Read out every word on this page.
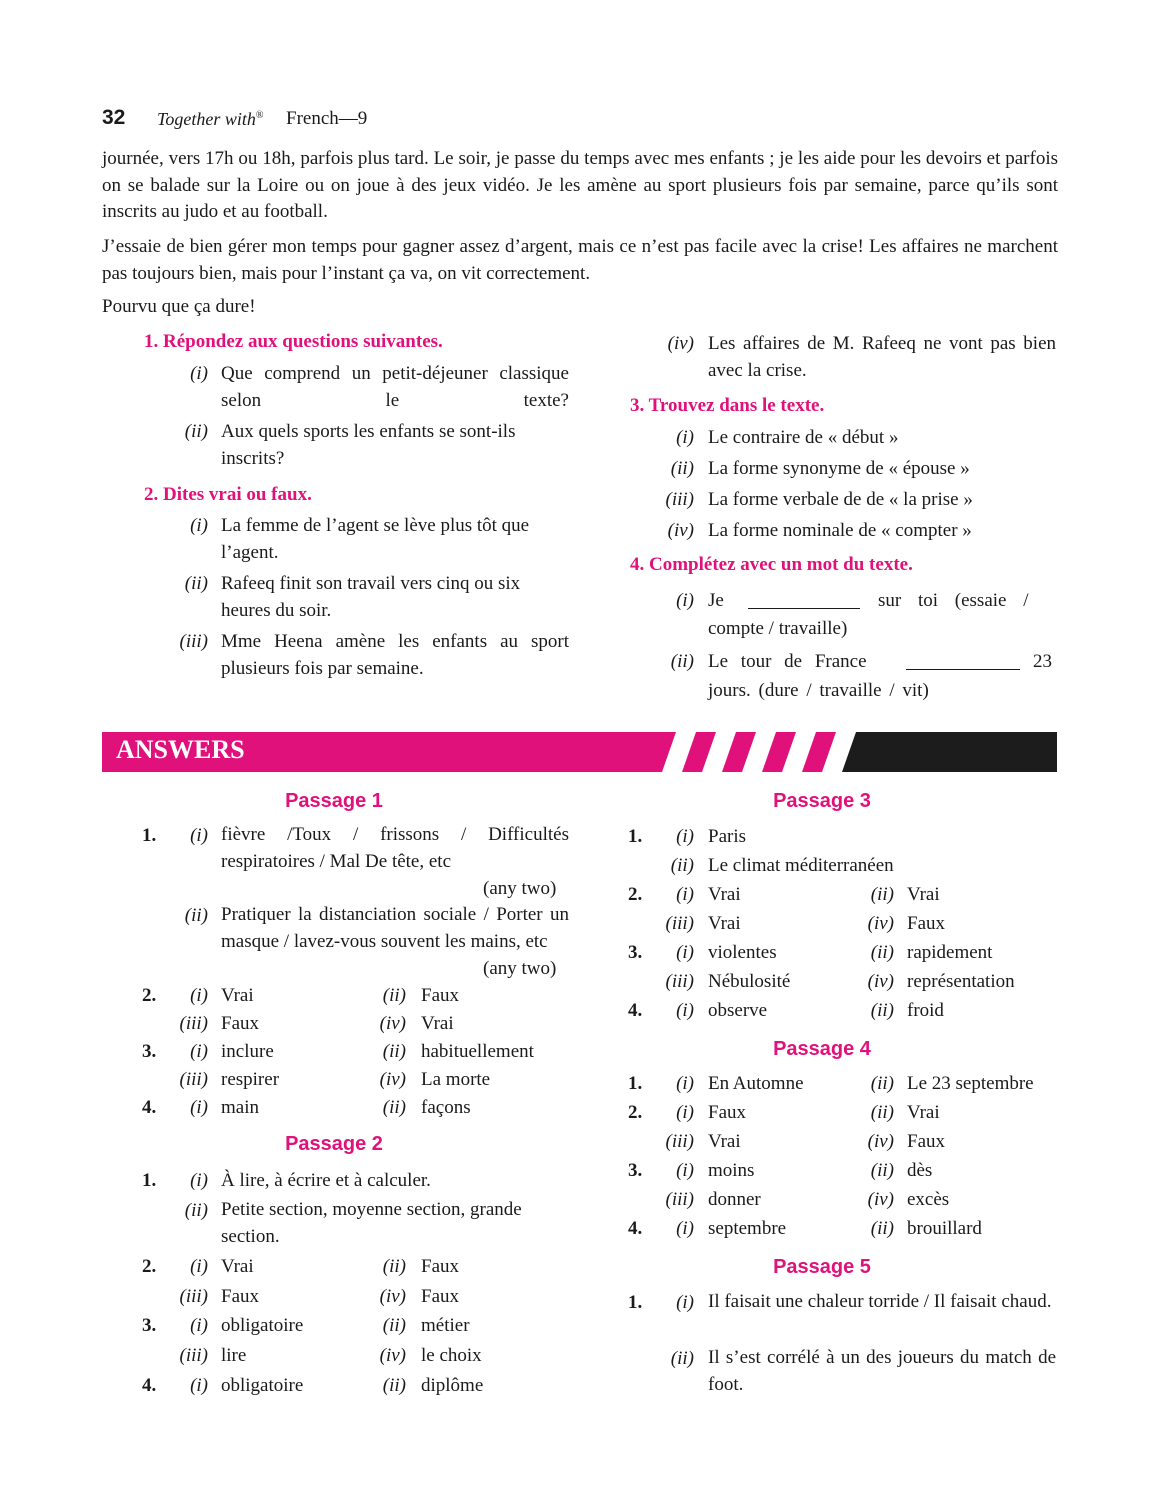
32 Together with® French—9
journée, vers 17h ou 18h, parfois plus tard. Le soir, je passe du temps avec mes enfants ; je les aide pour les devoirs et parfois on se balade sur la Loire ou on joue à des jeux vidéo. Je les amène au sport plusieurs fois par semaine, parce qu’ils sont inscrits au judo et au football.
J’essaie de bien gérer mon temps pour gagner assez d’argent, mais ce n’est pas facile avec la crise! Les affaires ne marchent pas toujours bien, mais pour l’instant ça va, on vit correctement.
Pourvu que ça dure!
1. Répondez aux questions suivantes.
(i) Que comprend un petit-déjeuner classique selon le texte?
(ii) Aux quels sports les enfants se sont-ils inscrits?
2. Dites vrai ou faux.
(i) La femme de l’agent se lève plus tôt que l’agent.
(ii) Rafeeq finit son travail vers cinq ou six heures du soir.
(iii) Mme Heena amène les enfants au sport plusieurs fois par semaine.
(iv) Les affaires de M. Rafeeq ne vont pas bien avec la crise.
3. Trouvez dans le texte.
(i) Le contraire de « début »
(ii) La forme synonyme de « épouse »
(iii) La forme verbale de de « la prise »
(iv) La forme nominale de « compter »
4. Complétez avec un mot du texte.
(i) Je	sur toi (essaie /
compte / travaille)
(ii) Le tour de France	23
jours. (dure / travaille / vit)
ANSWERS
Passage 1
Passage 2
Passage 3
Passage 4
Passage 5
1.	(i) fièvre /Toux / frissons / Difficultés respiratoires / Mal De tête, etc
(any two)
(ii) Pratiquer la distanciation sociale / Porter un masque / lavez-vous souvent les mains, etc
(any two)
2.	(i) Vrai	(ii) Faux
(iii) Faux	(iv) Vrai
3.	(i) inclure	(ii) habituellement
(iii) respirer	(iv) La morte
4.	(i) main	(ii) façons
1.	(i) À lire, à écrire et à calculer.
(ii) Petite section, moyenne section, grande section.
2.	(i) Vrai	(ii) Faux
(iii) Faux	(iv) Faux
3.	(i) obligatoire	(ii) métier
(iii) lire	(iv) le choix
4.	(i) obligatoire	(ii) diplôme
1.	(i) Paris
(ii) Le climat méditerranéen
2.	(i) Vrai	(ii) Vrai
(iii) Vrai	(iv) Faux
3.	(i) violentes	(ii) rapidement
(iii) Nébulosité	(iv) représentation
4.	(i) observe	(ii) froid
1.	(i) En Automne	(ii) Le 23 septembre
2.	(i) Faux	(ii) Vrai
(iii) Vrai	(iv) Faux
3.	(i) moins	(ii) dès
(iii) donner	(iv) excès
4.	(i) septembre	(ii) brouillard
1.	(i) Il faisait une chaleur torride / Il faisait chaud.
(ii) Il s’est corrélé à un des joueurs du match de foot.
